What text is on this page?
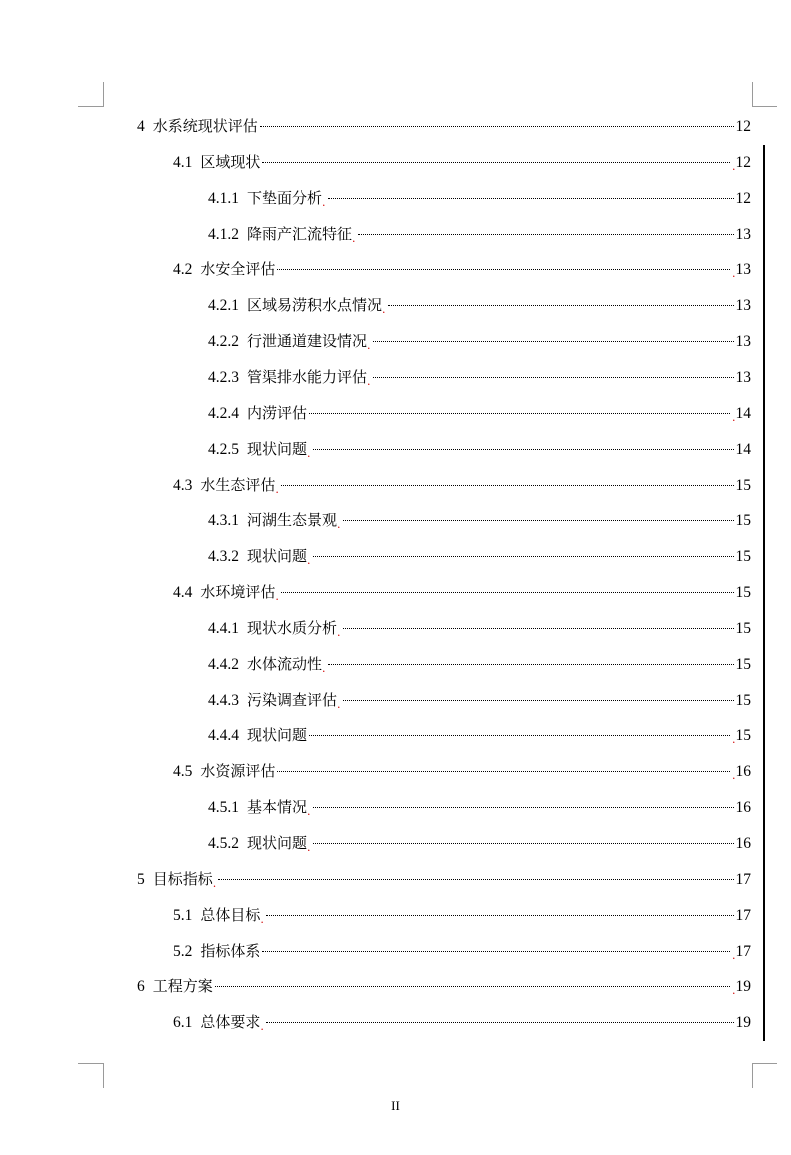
4 水系统现状评估	12
4.1 区域现状	. 12
4.1.1 下垫面分析 .	12
4.1.2 降雨产汇流特征 .	13
4.2 水安全评估	. 13
4.2.1 区域易涝积水点情况 .	13
4.2.2 行泄通道建设情况 .	13
4.2.3 管渠排水能力评估 .	13
4.2.4 内涝评估	. 14
4.2.5 现状问题 .	14
4.3 水生态评估 .	15
4.3.1 河湖生态景观 .	15
4.3.2 现状问题 .	15
4.4 水环境评估 .	15
4.4.1 现状水质分析 .	15
4.4.2 水体流动性 .	15
4.4.3 污染调查评估 .	15
4.4.4 现状问题	. 15
4.5 水资源评估	. 16
4.5.1 基本情况 .	16
4.5.2 现状问题 .	16
5 目标指标 .	17
5.1 总体目标 .	17
5.2 指标体系	. 17
6 工程方案	. 19
6.1 总体要求 .	19
II
